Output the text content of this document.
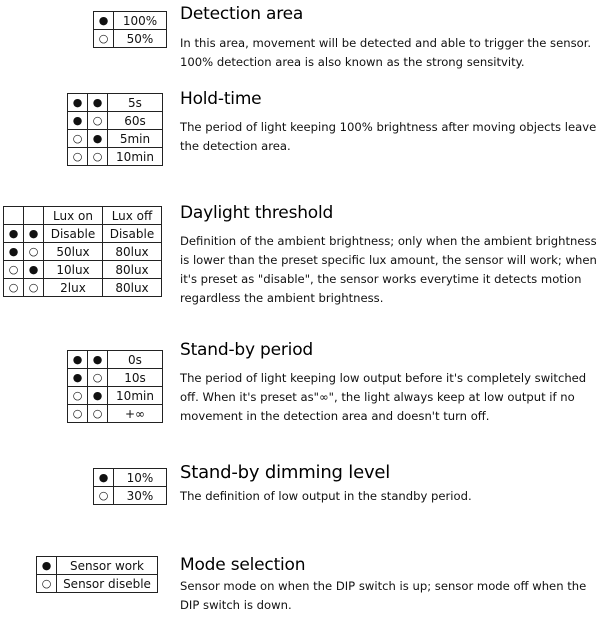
●	100%
○	50%
Detection area

In this area, movement will be detected and able to trigger the sensor. 100% detection area is also known as the strong sensitvity.

●	●	5s
●	○	60s
○	●	5min
○	○	10min
Hold-time

The period of light keeping 100% brightness after moving objects leave the detection area.

		Lux on	Lux off
●	●	Disable	Disable
●	○	50lux	80lux
○	●	10lux	80lux
○	○	2lux	80lux
Daylight threshold

Definition of the ambient brightness; only when the ambient brightness is lower than the preset specific lux amount, the sensor will work; when it's preset as "disable", the sensor works everytime it detects motion regardless the ambient brightness.

●	●	0s
●	○	10s
○	●	10min
○	○	+∞
Stand-by period

The period of light keeping low output before it's completely switched off. When it's preset as"∞", the light always keep at low output if no movement in the detection area and doesn't turn off.

●	10%
○	30%
Stand-by dimming level

The definition of low output in the standby period.

●	Sensor work
○	Sensor diseble
Mode selection

Sensor mode on when the DIP switch is up; sensor mode off when the DIP switch is down.
